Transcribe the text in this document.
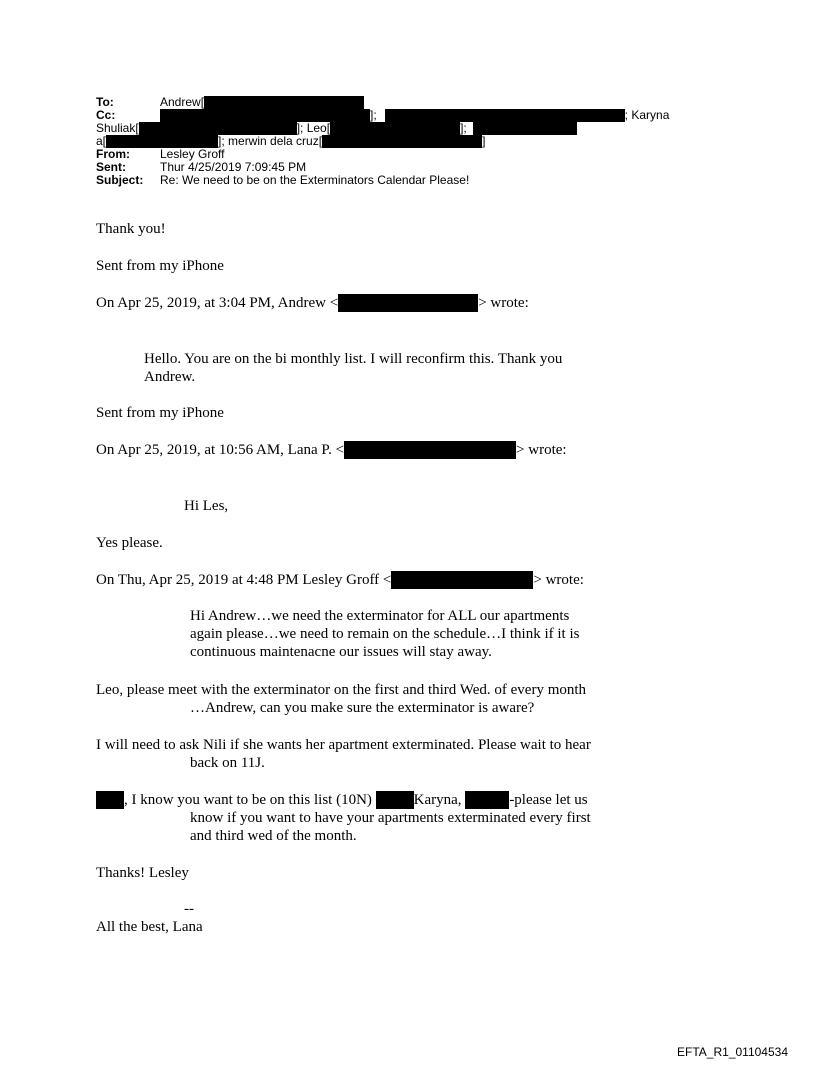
To:	Andrew[
Cc:	];	; Karyna
Shuliak[	]; Leo[	];
a[	]; merwin dela cruz[	]
From:	Lesley Groff
Sent:	Thur 4/25/2019 7:09:45 PM
Subject: Re: We need to be on the Exterminators Calendar Please!
Thank you!
Sent from my iPhone
On Apr 25, 2019, at 3:04 PM, Andrew <	> wrote:
Hello. You are on the bi monthly list. I will reconfirm this. Thank you
Andrew.
Sent from my iPhone
On Apr 25, 2019, at 10:56 AM, Lana P. <	> wrote:
Hi Les,
Yes please.
On Thu, Apr 25, 2019 at 4:48 PM Lesley Groff <	> wrote:
Hi Andrew…we need the exterminator for ALL our apartments
again please…we need to remain on the schedule…I think if it is
continuous maintenacne our issues will stay away.
Leo, please meet with the exterminator on the first and third Wed. of every month
…Andrew, can you make sure the exterminator is aware?
I will need to ask Nili if she wants her apartment exterminated. Please wait to hear
back on 11J.
, I know you want to be on this list (10N)	Karyna,	-please let us
know if you want to have your apartments exterminated every first
and third wed of the month.
Thanks! Lesley
--
All the best, Lana
EFTA_R1_01104534
